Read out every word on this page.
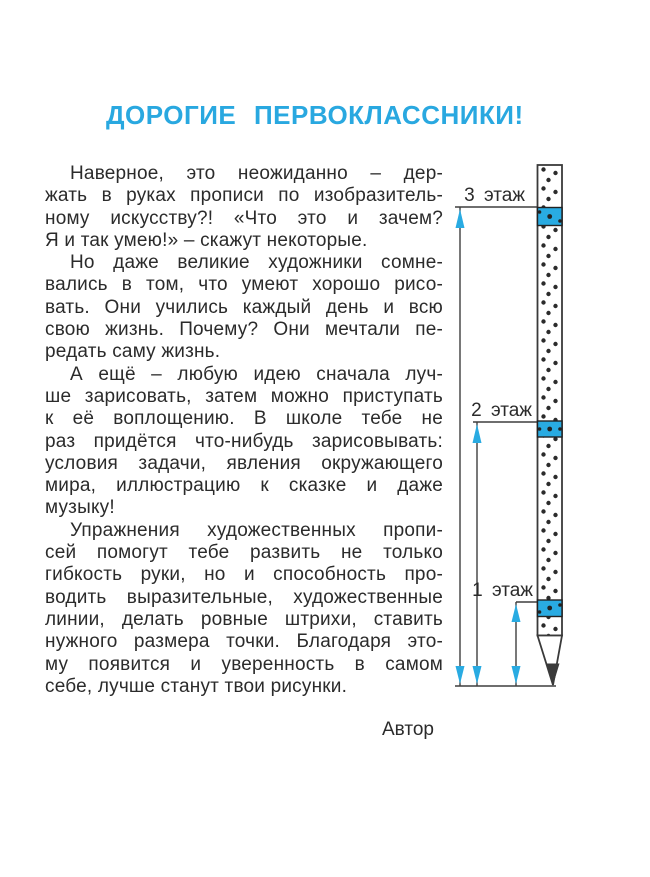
ДОРОГИЕ ПЕРВОКЛАССНИКИ!
Наверное, это неожиданно – дер-
жать в руках прописи по изобразитель-
ному искусству?! «Что это и зачем?
Я и так умею!» – скажут некоторые.
Но даже великие художники сомне-
вались в том, что умеют хорошо рисо-
вать. Они учились каждый день и всю
свою жизнь. Почему? Они мечтали пе-
редать саму жизнь.
А ещё – любую идею сначала луч-
ше зарисовать, затем можно приступать
к её воплощению. В школе тебе не
раз придётся что-нибудь зарисовывать:
условия задачи, явления окружающего
мира, иллюстрацию к сказке и даже
музыку!
Упражнения художественных пропи-
сей помогут тебе развить не только
гибкость руки, но и способность про-
водить выразительные, художественные
линии, делать ровные штрихи, ставить
нужного размера точки. Благодаря это-
му появится и уверенность в самом
себе, лучше станут твои рисунки.
Автор
3 этаж
2 этаж
1 этаж
